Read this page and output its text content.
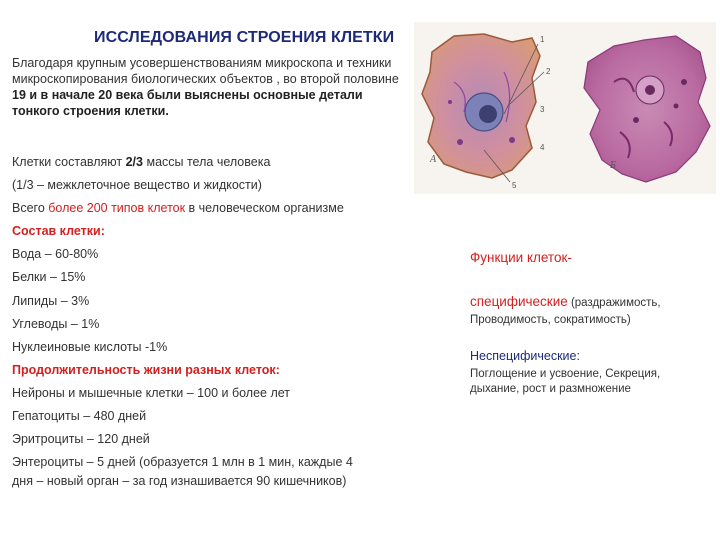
ИССЛЕДОВАНИЯ СТРОЕНИЯ КЛЕТКИ
Благодаря крупным усовершенствованиям микроскопа и техники микроскопирования биологических объектов , во второй половине 19 и в начале 20 века были выяснены основные детали тонкого строения клетки.
Клетки составляют 2/3 массы тела человека
(1/3 – межклеточное вещество и жидкости)
Всего более 200 типов клеток в человеческом организме
Состав клетки:
Вода – 60-80%
Белки – 15%
Липиды – 3%
Углеводы – 1%
Нуклеиновые кислоты -1%
Продолжительность жизни разных клеток:
Нейроны и мышечные клетки – 100 и более лет
Гепатоциты – 480 дней
Эритроциты – 120 дней
Энтероциты – 5 дней (образуется 1 млн в 1 мин, каждые 4
дня – новый орган – за год изнашивается 90 кишечников)
А
1
2
3
4
5
Б
Функции клеток-
специфические (раздражимость,
Проводимость, сократимость)
Неспецифические:
Поглощение и усвоение, Секреция, дыхание, рост и размножение
